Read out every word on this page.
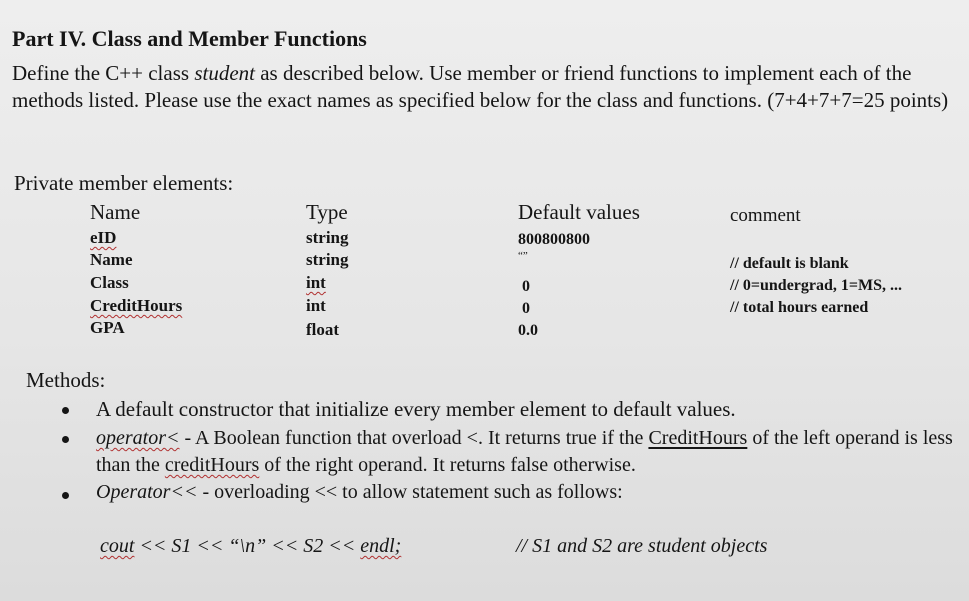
Part IV. Class and Member Functions
Define the C++ class student as described below. Use member or friend functions to implement each of the methods listed. Please use the exact names as specified below for the class and functions. (7+4+7+7=25 points)
Private member elements:
Name	Type	Default values	comment
eID	string	800800800
Name	string	“”	// default is blank
Class	int	0	// 0=undergrad, 1=MS, ...
CreditHours	int	0	// total hours earned
GPA	float	0.0
Methods:
A default constructor that initialize every member element to default values.
operator< - A Boolean function that overload <. It returns true if the CreditHours of the left operand is less than the creditHours of the right operand. It returns false otherwise.
Operator<< - overloading << to allow statement such as follows:
cout << S1 << “\n” << S2 << endl;	// S1 and S2 are student objects
